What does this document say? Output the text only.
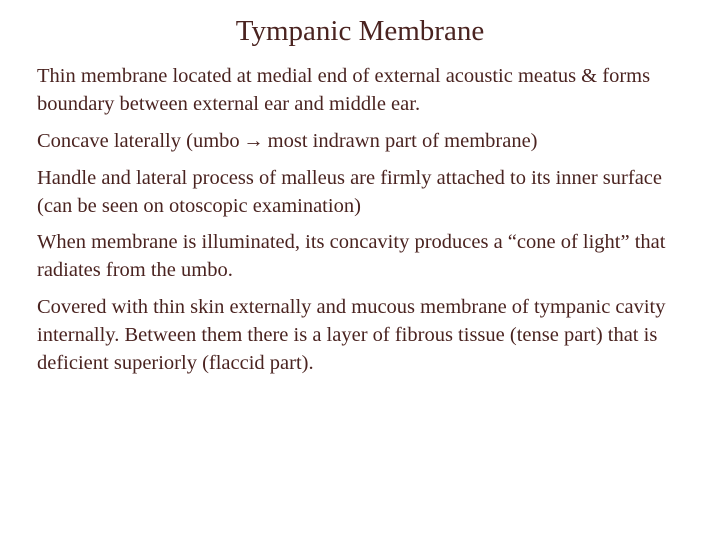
Tympanic Membrane

Thin membrane located at medial end of external acoustic meatus & forms boundary between external ear and middle ear.

Concave laterally (umbo → most indrawn part of membrane)

Handle and lateral process of malleus are firmly attached to its inner surface (can be seen on otoscopic examination)

When membrane is illuminated, its concavity produces a “cone of light” that radiates from the umbo.

Covered with thin skin externally and mucous membrane of tympanic cavity internally. Between them there is a layer of fibrous tissue (tense part) that is deficient superiorly (flaccid part).
